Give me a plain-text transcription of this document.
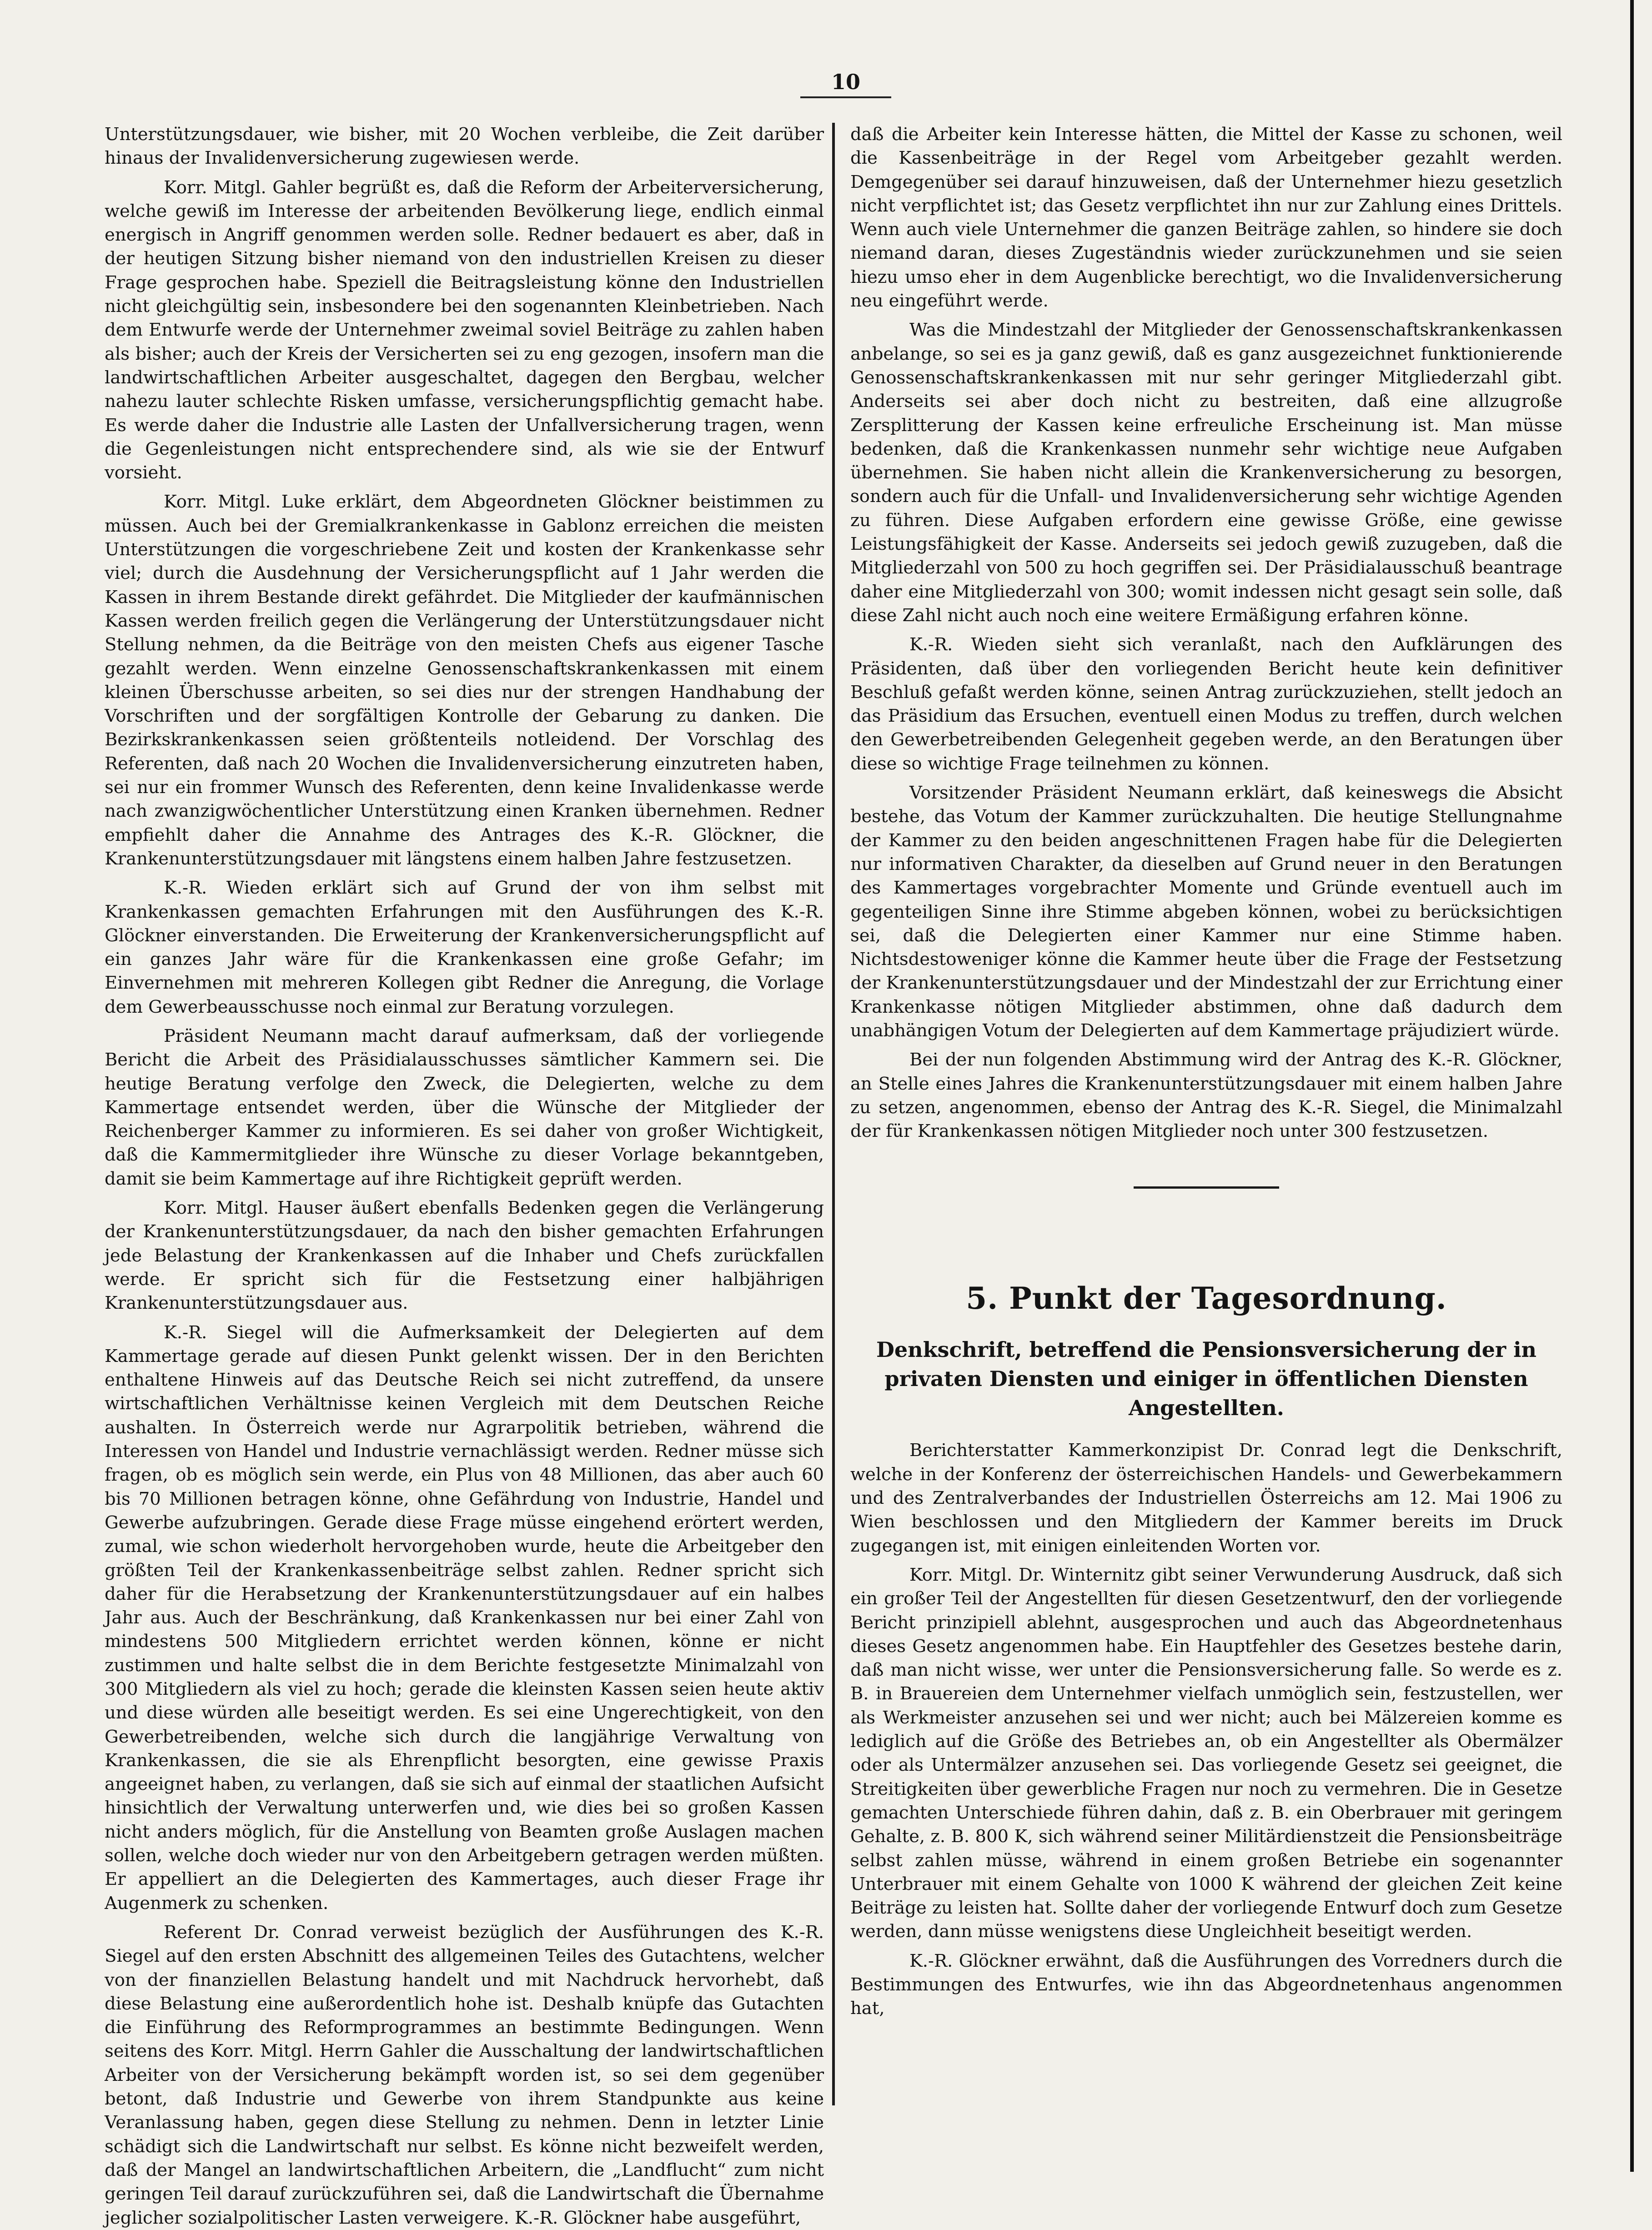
10

Unterstützungsdauer, wie bisher, mit 20 Wochen verbleibe, die Zeit darüber hinaus der Invalidenversicherung zugewiesen werde.

Korr. Mitgl. Gahler begrüßt es, daß die Reform der Arbeiterversicherung, welche gewiß im Interesse der arbeitenden Bevölkerung liege, endlich einmal energisch in Angriff genommen werden solle. Redner bedauert es aber, daß in der heutigen Sitzung bisher niemand von den industriellen Kreisen zu dieser Frage gesprochen habe. Speziell die Beitragsleistung könne den Industriellen nicht gleichgültig sein, insbesondere bei den sogenannten Kleinbetrieben. Nach dem Entwurfe werde der Unternehmer zweimal soviel Beiträge zu zahlen haben als bisher; auch der Kreis der Versicherten sei zu eng gezogen, insofern man die landwirtschaftlichen Arbeiter ausgeschaltet, dagegen den Bergbau, welcher nahezu lauter schlechte Risken umfasse, versicherungspflichtig gemacht habe. Es werde daher die Industrie alle Lasten der Unfallversicherung tragen, wenn die Gegenleistungen nicht entsprechendere sind, als wie sie der Entwurf vorsieht.

Korr. Mitgl. Luke erklärt, dem Abgeordneten Glöckner beistimmen zu müssen. Auch bei der Gremialkrankenkasse in Gablonz erreichen die meisten Unterstützungen die vorgeschriebene Zeit und kosten der Krankenkasse sehr viel; durch die Ausdehnung der Versicherungspflicht auf 1 Jahr werden die Kassen in ihrem Bestande direkt gefährdet. Die Mitglieder der kaufmännischen Kassen werden freilich gegen die Verlängerung der Unterstützungsdauer nicht Stellung nehmen, da die Beiträge von den meisten Chefs aus eigener Tasche gezahlt werden. Wenn einzelne Genossenschaftskrankenkassen mit einem kleinen Überschusse arbeiten, so sei dies nur der strengen Handhabung der Vorschriften und der sorgfältigen Kontrolle der Gebarung zu danken. Die Bezirkskrankenkassen seien größtenteils notleidend. Der Vorschlag des Referenten, daß nach 20 Wochen die Invalidenversicherung einzutreten haben, sei nur ein frommer Wunsch des Referenten, denn keine Invalidenkasse werde nach zwanzigwöchentlicher Unterstützung einen Kranken übernehmen. Redner empfiehlt daher die Annahme des Antrages des K.-R. Glöckner, die Krankenunterstützungsdauer mit längstens einem halben Jahre festzusetzen.

K.-R. Wieden erklärt sich auf Grund der von ihm selbst mit Krankenkassen gemachten Erfahrungen mit den Ausführungen des K.-R. Glöckner einverstanden. Die Erweiterung der Krankenversicherungspflicht auf ein ganzes Jahr wäre für die Krankenkassen eine große Gefahr; im Einvernehmen mit mehreren Kollegen gibt Redner die Anregung, die Vorlage dem Gewerbeausschusse noch einmal zur Beratung vorzulegen.

Präsident Neumann macht darauf aufmerksam, daß der vorliegende Bericht die Arbeit des Präsidialausschusses sämtlicher Kammern sei. Die heutige Beratung verfolge den Zweck, die Delegierten, welche zu dem Kammertage entsendet werden, über die Wünsche der Mitglieder der Reichenberger Kammer zu informieren. Es sei daher von großer Wichtigkeit, daß die Kammermitglieder ihre Wünsche zu dieser Vorlage bekanntgeben, damit sie beim Kammertage auf ihre Richtigkeit geprüft werden.

Korr. Mitgl. Hauser äußert ebenfalls Bedenken gegen die Verlängerung der Krankenunterstützungsdauer, da nach den bisher gemachten Erfahrungen jede Belastung der Krankenkassen auf die Inhaber und Chefs zurückfallen werde. Er spricht sich für die Festsetzung einer halbjährigen Krankenunterstützungsdauer aus.

K.-R. Siegel will die Aufmerksamkeit der Delegierten auf dem Kammertage gerade auf diesen Punkt gelenkt wissen. Der in den Berichten enthaltene Hinweis auf das Deutsche Reich sei nicht zutreffend, da unsere wirtschaftlichen Verhältnisse keinen Vergleich mit dem Deutschen Reiche aushalten. In Österreich werde nur Agrarpolitik betrieben, während die Interessen von Handel und Industrie vernachlässigt werden. Redner müsse sich fragen, ob es möglich sein werde, ein Plus von 48 Millionen, das aber auch 60 bis 70 Millionen betragen könne, ohne Gefährdung von Industrie, Handel und Gewerbe aufzubringen. Gerade diese Frage müsse eingehend erörtert werden, zumal, wie schon wiederholt hervorgehoben wurde, heute die Arbeitgeber den größten Teil der Krankenkassenbeiträge selbst zahlen. Redner spricht sich daher für die Herabsetzung der Krankenunterstützungsdauer auf ein halbes Jahr aus. Auch der Beschränkung, daß Krankenkassen nur bei einer Zahl von mindestens 500 Mitgliedern errichtet werden können, könne er nicht zustimmen und halte selbst die in dem Berichte festgesetzte Minimalzahl von 300 Mitgliedern als viel zu hoch; gerade die kleinsten Kassen seien heute aktiv und diese würden alle beseitigt werden. Es sei eine Ungerechtigkeit, von den Gewerbetreibenden, welche sich durch die langjährige Verwaltung von Krankenkassen, die sie als Ehrenpflicht besorgten, eine gewisse Praxis angeeignet haben, zu verlangen, daß sie sich auf einmal der staatlichen Aufsicht hinsichtlich der Verwaltung unterwerfen und, wie dies bei so großen Kassen nicht anders möglich, für die Anstellung von Beamten große Auslagen machen sollen, welche doch wieder nur von den Arbeitgebern getragen werden müßten. Er appelliert an die Delegierten des Kammertages, auch dieser Frage ihr Augenmerk zu schenken.

Referent Dr. Conrad verweist bezüglich der Ausführungen des K.-R. Siegel auf den ersten Abschnitt des allgemeinen Teiles des Gutachtens, welcher von der finanziellen Belastung handelt und mit Nachdruck hervorhebt, daß diese Belastung eine außerordentlich hohe ist. Deshalb knüpfe das Gutachten die Einführung des Reformprogrammes an bestimmte Bedingungen. Wenn seitens des Korr. Mitgl. Herrn Gahler die Ausschaltung der landwirtschaftlichen Arbeiter von der Versicherung bekämpft worden ist, so sei dem gegenüber betont, daß Industrie und Gewerbe von ihrem Standpunkte aus keine Veranlassung haben, gegen diese Stellung zu nehmen. Denn in letzter Linie schädigt sich die Landwirtschaft nur selbst. Es könne nicht bezweifelt werden, daß der Mangel an landwirtschaftlichen Arbeitern, die „Landflucht“ zum nicht geringen Teil darauf zurückzuführen sei, daß die Landwirtschaft die Übernahme jeglicher sozialpolitischer Lasten verweigere. K.-R. Glöckner habe ausgeführt,

daß die Arbeiter kein Interesse hätten, die Mittel der Kasse zu schonen, weil die Kassenbeiträge in der Regel vom Arbeitgeber gezahlt werden. Demgegenüber sei darauf hinzuweisen, daß der Unternehmer hiezu gesetzlich nicht verpflichtet ist; das Gesetz verpflichtet ihn nur zur Zahlung eines Drittels. Wenn auch viele Unternehmer die ganzen Beiträge zahlen, so hindere sie doch niemand daran, dieses Zugeständnis wieder zurückzunehmen und sie seien hiezu umso eher in dem Augenblicke berechtigt, wo die Invalidenversicherung neu eingeführt werde.

Was die Mindestzahl der Mitglieder der Genossenschaftskrankenkassen anbelange, so sei es ja ganz gewiß, daß es ganz ausgezeichnet funktionierende Genossenschaftskrankenkassen mit nur sehr geringer Mitgliederzahl gibt. Anderseits sei aber doch nicht zu bestreiten, daß eine allzugroße Zersplitterung der Kassen keine erfreuliche Erscheinung ist. Man müsse bedenken, daß die Krankenkassen nunmehr sehr wichtige neue Aufgaben übernehmen. Sie haben nicht allein die Krankenversicherung zu besorgen, sondern auch für die Unfall- und Invalidenversicherung sehr wichtige Agenden zu führen. Diese Aufgaben erfordern eine gewisse Größe, eine gewisse Leistungsfähigkeit der Kasse. Anderseits sei jedoch gewiß zuzugeben, daß die Mitgliederzahl von 500 zu hoch gegriffen sei. Der Präsidialausschuß beantrage daher eine Mitgliederzahl von 300; womit indessen nicht gesagt sein solle, daß diese Zahl nicht auch noch eine weitere Ermäßigung erfahren könne.

K.-R. Wieden sieht sich veranlaßt, nach den Aufklärungen des Präsidenten, daß über den vorliegenden Bericht heute kein definitiver Beschluß gefaßt werden könne, seinen Antrag zurückzuziehen, stellt jedoch an das Präsidium das Ersuchen, eventuell einen Modus zu treffen, durch welchen den Gewerbetreibenden Gelegenheit gegeben werde, an den Beratungen über diese so wichtige Frage teilnehmen zu können.

Vorsitzender Präsident Neumann erklärt, daß keineswegs die Absicht bestehe, das Votum der Kammer zurückzuhalten. Die heutige Stellungnahme der Kammer zu den beiden angeschnittenen Fragen habe für die Delegierten nur informativen Charakter, da dieselben auf Grund neuer in den Beratungen des Kammertages vorgebrachter Momente und Gründe eventuell auch im gegenteiligen Sinne ihre Stimme abgeben können, wobei zu berücksichtigen sei, daß die Delegierten einer Kammer nur eine Stimme haben. Nichtsdestoweniger könne die Kammer heute über die Frage der Festsetzung der Krankenunterstützungsdauer und der Mindestzahl der zur Errichtung einer Krankenkasse nötigen Mitglieder abstimmen, ohne daß dadurch dem unabhängigen Votum der Delegierten auf dem Kammertage präjudiziert würde.

Bei der nun folgenden Abstimmung wird der Antrag des K.-R. Glöckner, an Stelle eines Jahres die Krankenunterstützungsdauer mit einem halben Jahre zu setzen, angenommen, ebenso der Antrag des K.-R. Siegel, die Minimalzahl der für Krankenkassen nötigen Mitglieder noch unter 300 festzusetzen.

5. Punkt der Tagesordnung.
Denkschrift, betreffend die Pensionsversicherung der in privaten Diensten und einiger in öffentlichen Diensten Angestellten.

Berichterstatter Kammerkonzipist Dr. Conrad legt die Denkschrift, welche in der Konferenz der österreichischen Handels- und Gewerbekammern und des Zentralverbandes der Industriellen Österreichs am 12. Mai 1906 zu Wien beschlossen und den Mitgliedern der Kammer bereits im Druck zugegangen ist, mit einigen einleitenden Worten vor.

Korr. Mitgl. Dr. Winternitz gibt seiner Verwunderung Ausdruck, daß sich ein großer Teil der Angestellten für diesen Gesetzentwurf, den der vorliegende Bericht prinzipiell ablehnt, ausgesprochen und auch das Abgeordnetenhaus dieses Gesetz angenommen habe. Ein Hauptfehler des Gesetzes bestehe darin, daß man nicht wisse, wer unter die Pensionsversicherung falle. So werde es z. B. in Brauereien dem Unternehmer vielfach unmöglich sein, festzustellen, wer als Werkmeister anzusehen sei und wer nicht; auch bei Mälzereien komme es lediglich auf die Größe des Betriebes an, ob ein Angestellter als Obermälzer oder als Untermälzer anzusehen sei. Das vorliegende Gesetz sei geeignet, die Streitigkeiten über gewerbliche Fragen nur noch zu vermehren. Die in Gesetze gemachten Unterschiede führen dahin, daß z. B. ein Oberbrauer mit geringem Gehalte, z. B. 800 K, sich während seiner Militärdienstzeit die Pensionsbeiträge selbst zahlen müsse, während in einem großen Betriebe ein sogenannter Unterbrauer mit einem Gehalte von 1000 K während der gleichen Zeit keine Beiträge zu leisten hat. Sollte daher der vorliegende Entwurf doch zum Gesetze werden, dann müsse wenigstens diese Ungleichheit beseitigt werden.

K.-R. Glöckner erwähnt, daß die Ausführungen des Vorredners durch die Bestimmungen des Entwurfes, wie ihn das Abgeordnetenhaus angenommen hat,
